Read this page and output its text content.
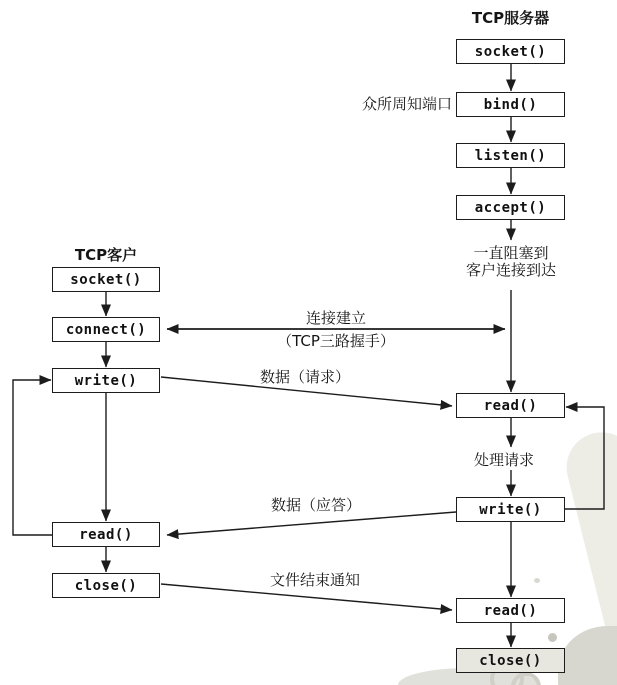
TCP服务器
socket()
bind()
listen()
accept()
read()
write()
read()
close()
众所周知端口
一直阻塞到
客户连接到达
处理请求
TCP客户
socket()
connect()
write()
read()
close()
连接建立
（TCP三路握手）
数据（请求）
数据（应答）
文件结束通知
